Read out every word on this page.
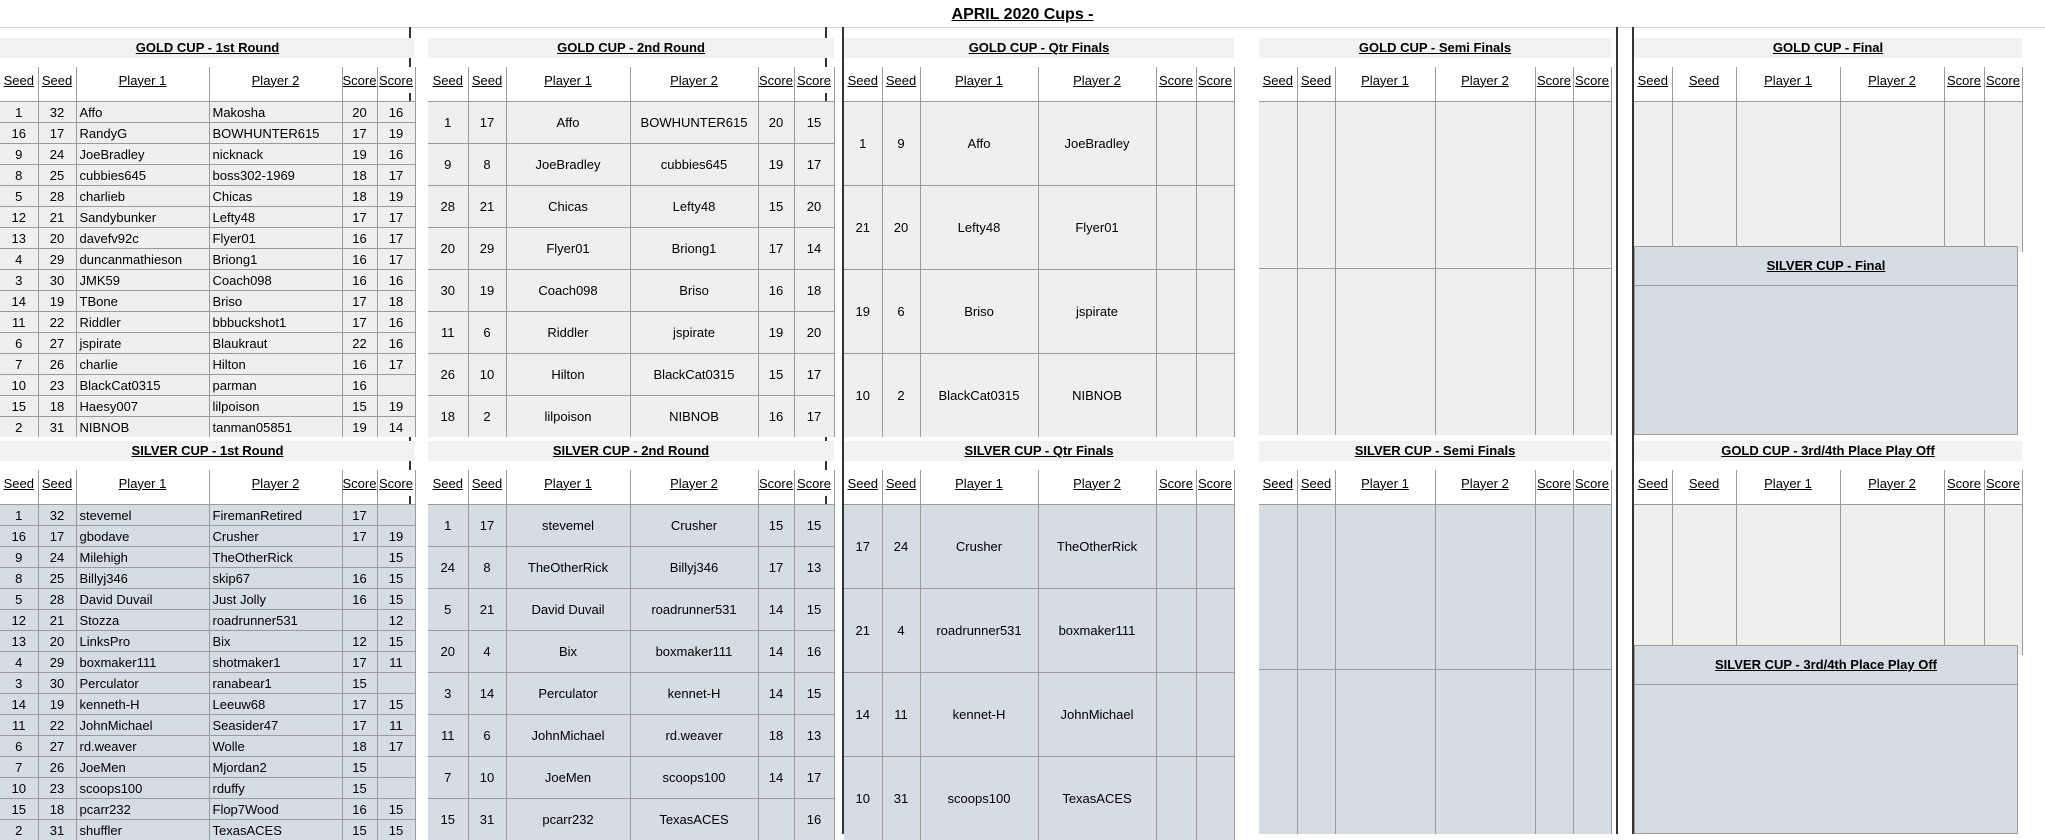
APRIL 2020 Cups -
GOLD CUP - 1st Round
Seed	Seed	Player 1	Player 2	Score	Score

1	32	Affo	Makosha	20	16
16	17	RandyG	BOWHUNTER615	17	19
9	24	JoeBradley	nicknack	19	16
8	25	cubbies645	boss302-1969	18	17
5	28	charlieb	Chicas	18	19
12	21	Sandybunker	Lefty48	17	17
13	20	davefv92c	Flyer01	16	17
4	29	duncanmathieson	Briong1	16	17
3	30	JMK59	Coach098	16	16
14	19	TBone	Briso	17	18
11	22	Riddler	bbbuckshot1	17	16
6	27	jspirate	Blaukraut	22	16
7	26	charlie	Hilton	16	17
10	23	BlackCat0315	parman	16	
15	18	Haesy007	lilpoison	15	19
2	31	NIBNOB	tanman05851	19	14
GOLD CUP - 2nd Round
Seed	Seed	Player 1	Player 2	Score	Score

1	17	Affo	BOWHUNTER615	20	15
9	8	JoeBradley	cubbies645	19	17
28	21	Chicas	Lefty48	15	20
20	29	Flyer01	Briong1	17	14
30	19	Coach098	Briso	16	18
11	6	Riddler	jspirate	19	20
26	10	Hilton	BlackCat0315	15	17
18	2	lilpoison	NIBNOB	16	17
GOLD CUP - Qtr Finals
Seed	Seed	Player 1	Player 2	Score	Score

1	9	Affo	JoeBradley		
21	20	Lefty48	Flyer01		
19	6	Briso	jspirate		
10	2	BlackCat0315	NIBNOB		
GOLD CUP - Semi Finals
Seed	Seed	Player 1	Player 2	Score	Score

GOLD CUP - Final
Seed	Seed	Player 1	Player 2	Score	Score

SILVER CUP - Final
SILVER CUP - 1st Round
Seed	Seed	Player 1	Player 2	Score	Score

1	32	stevemel	FiremanRetired	17	
16	17	gbodave	Crusher	17	19
9	24	Milehigh	TheOtherRick		15
8	25	Billyj346	skip67	16	15
5	28	David Duvail	Just Jolly	16	15
12	21	Stozza	roadrunner531		12
13	20	LinksPro	Bix	12	15
4	29	boxmaker111	shotmaker1	17	11
3	30	Perculator	ranabear1	15	
14	19	kenneth-H	Leeuw68	17	15
11	22	JohnMichael	Seasider47	17	11
6	27	rd.weaver	Wolle	18	17
7	26	JoeMen	Mjordan2	15	
10	23	scoops100	rduffy	15	
15	18	pcarr232	Flop7Wood	16	15
2	31	shuffler	TexasACES	15	15
SILVER CUP - 2nd Round
Seed	Seed	Player 1	Player 2	Score	Score

1	17	stevemel	Crusher	15	15
24	8	TheOtherRick	Billyj346	17	13
5	21	David Duvail	roadrunner531	14	15
20	4	Bix	boxmaker111	14	16
3	14	Perculator	kennet-H	14	15
11	6	JohnMichael	rd.weaver	18	13
7	10	JoeMen	scoops100	14	17
15	31	pcarr232	TexasACES		16
SILVER CUP - Qtr Finals
Seed	Seed	Player 1	Player 2	Score	Score

17	24	Crusher	TheOtherRick		
21	4	roadrunner531	boxmaker111		
14	11	kennet-H	JohnMichael		
10	31	scoops100	TexasACES		
SILVER CUP - Semi Finals
Seed	Seed	Player 1	Player 2	Score	Score

GOLD CUP - 3rd/4th Place Play Off
Seed	Seed	Player 1	Player 2	Score	Score

SILVER CUP - 3rd/4th Place Play Off
